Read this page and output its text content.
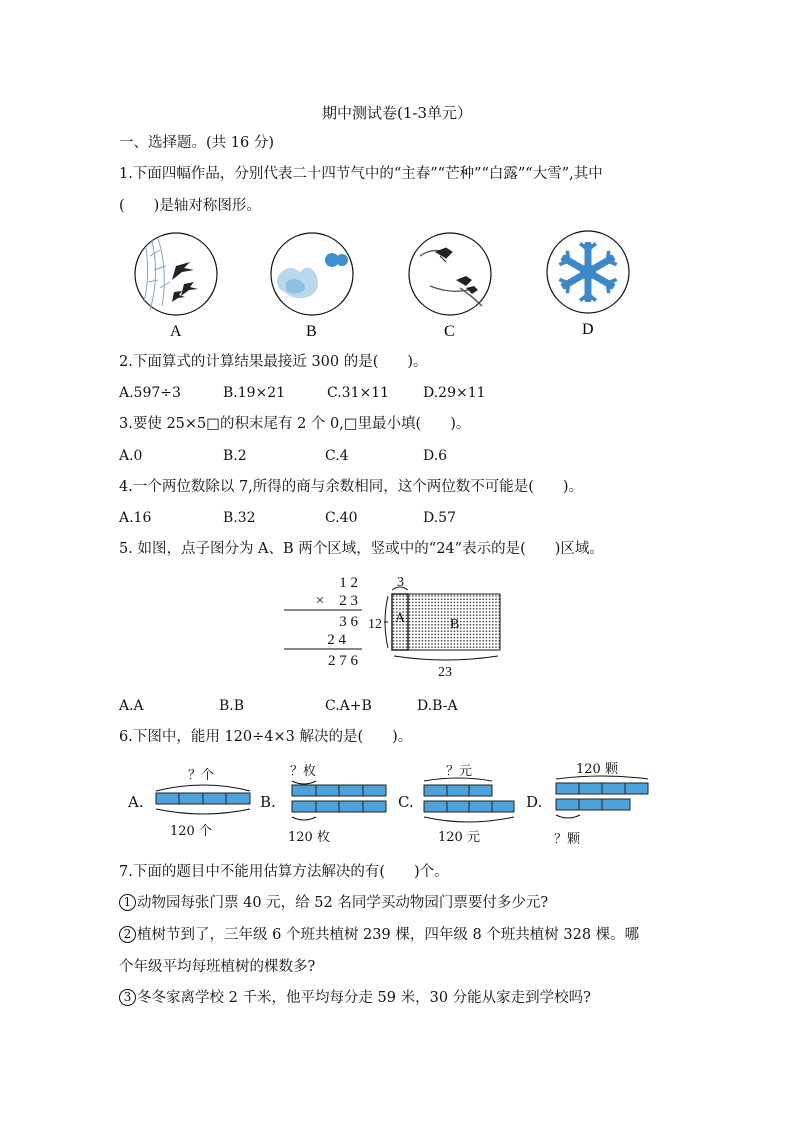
期中测试卷(1-3单元）
一、选择题。(共 16 分)
1.下面四幅作品，分别代表二十四节气中的“主春”“芒种”“白露”“大雪”,其中
(　　)是轴对称图形。
A	B	C	D
2.下面算式的计算结果最接近 300 的是(　　)。
A.597÷3	B.19×21	C.31×11 D.29×11
3.要使 25×5□的积末尾有 2 个 0,□里最小填(　　)。
A.0	B.2	C.4	D.6
4.一个两位数除以 7,所得的商与余数相同，这个两位数不可能是(　　)。
A.16	B.32	C.40	D.57
5. 如图，点子图分为 A、B 两个区域，竖或中的“24”表示的是(　　)区域。
1 2
×　2 3
3 6
2 4
2 7 6
3
12 A	B
23
A.A	B.B	C.A+B	D.B-A
6.下图中，能用 120÷4×3 解决的是(　　)。
A.
？个
120 个
B.
？枚
120 枚
C.
？元
120 元
D.
120 颗
？颗
7.下面的题目中不能用估算方法解决的有(　　)个。
1 动物园每张门票 40 元，给 52 名同学买动物园门票要付多少元?
2 植树节到了，三年级 6 个班共植树 239 棵，四年级 8 个班共植树 328 棵。哪
个年级平均每班植树的棵数多?
3 冬冬家离学校 2 千米，他平均每分走 59 米，30 分能从家走到学校吗?
